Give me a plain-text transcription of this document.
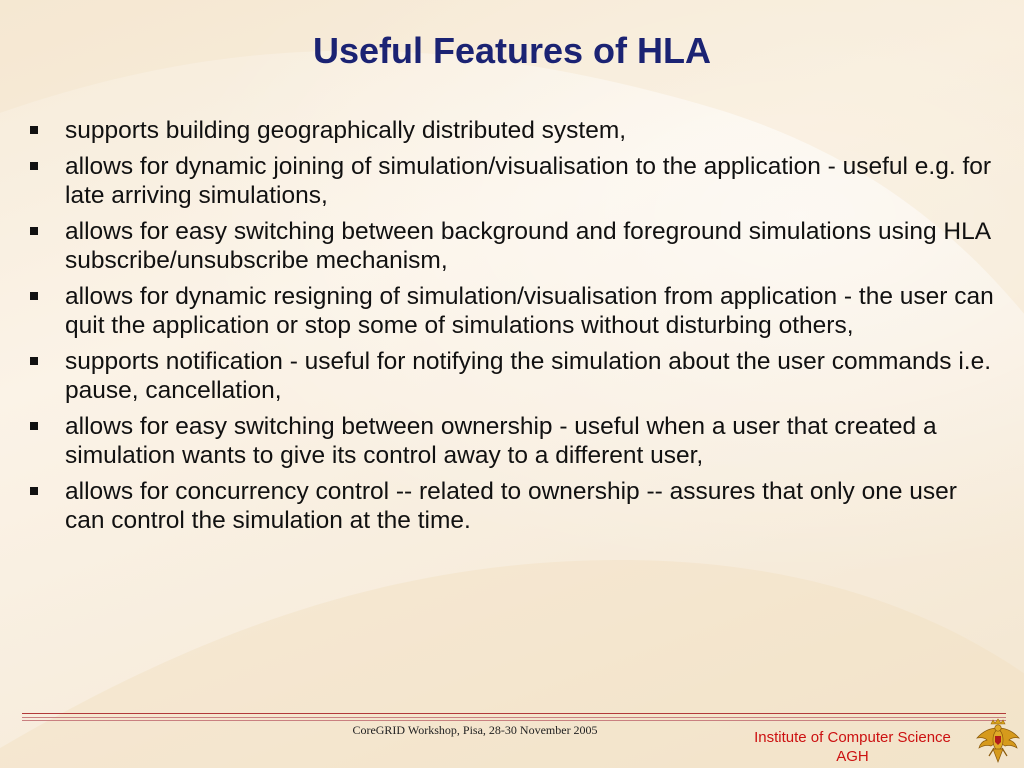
Useful Features of HLA
supports building geographically distributed system,
allows for dynamic joining of simulation/visualisation to the application - useful e.g. for late arriving simulations,
allows for easy switching between background and foreground simulations using HLA subscribe/unsubscribe mechanism,
allows for dynamic resigning of simulation/visualisation from application - the user can quit the application or stop some of simulations without disturbing others,
supports notification - useful for notifying the simulation about the user commands i.e. pause, cancellation,
allows for easy switching between ownership - useful when a user that created a simulation wants to give its control away to a different user,
allows for concurrency control -- related to ownership -- assures that only one user can control the simulation at the time.
CoreGRID Workshop, Pisa, 28-30 November 2005	Institute of Computer Science
AGH
